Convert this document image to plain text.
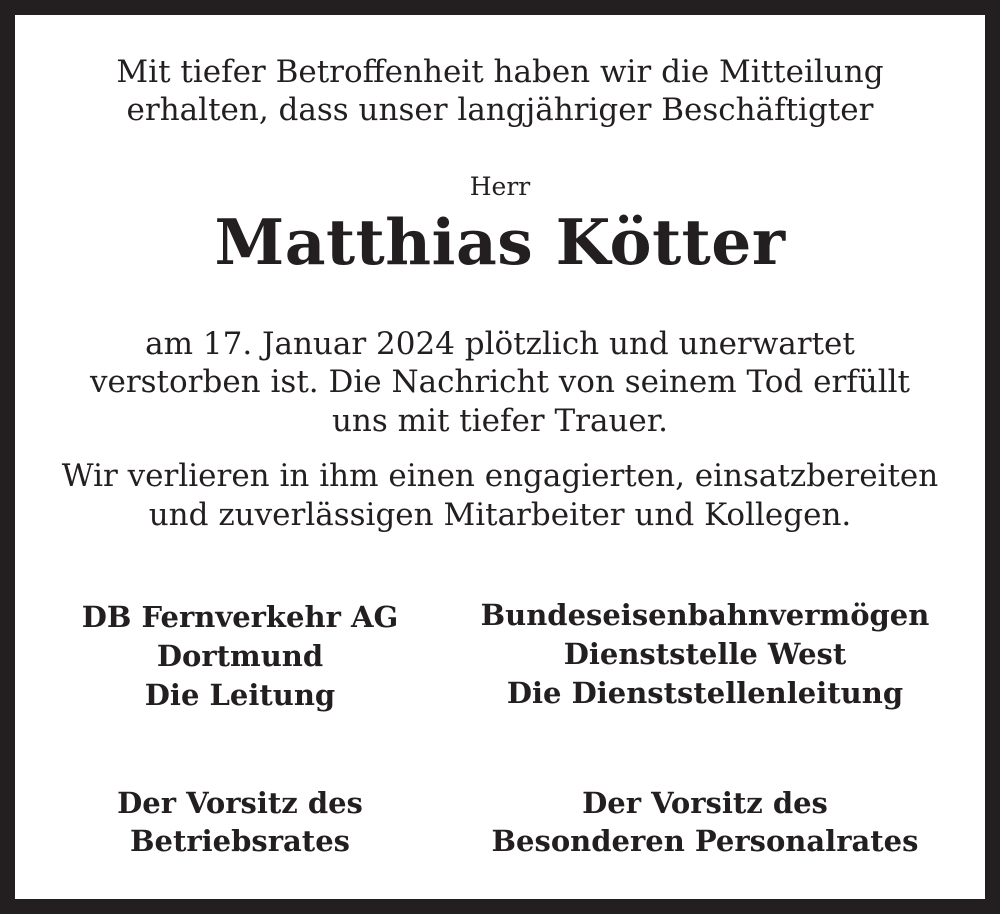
Mit tiefer Betroffenheit haben wir die Mitteilung
erhalten, dass unser langjähriger Beschäftigter
Herr
Matthias Kötter
am 17. Januar 2024 plötzlich und unerwartet
verstorben ist. Die Nachricht von seinem Tod erfüllt
uns mit tiefer Trauer.
Wir verlieren in ihm einen engagierten, einsatzbereiten
und zuverlässigen Mitarbeiter und Kollegen.
DB Fernverkehr AG
Dortmund
Die Leitung
Bundeseisenbahnvermögen
Dienststelle West
Die Dienststellenleitung
Der Vorsitz des
Betriebsrates
Der Vorsitz des
Besonderen Personalrates
